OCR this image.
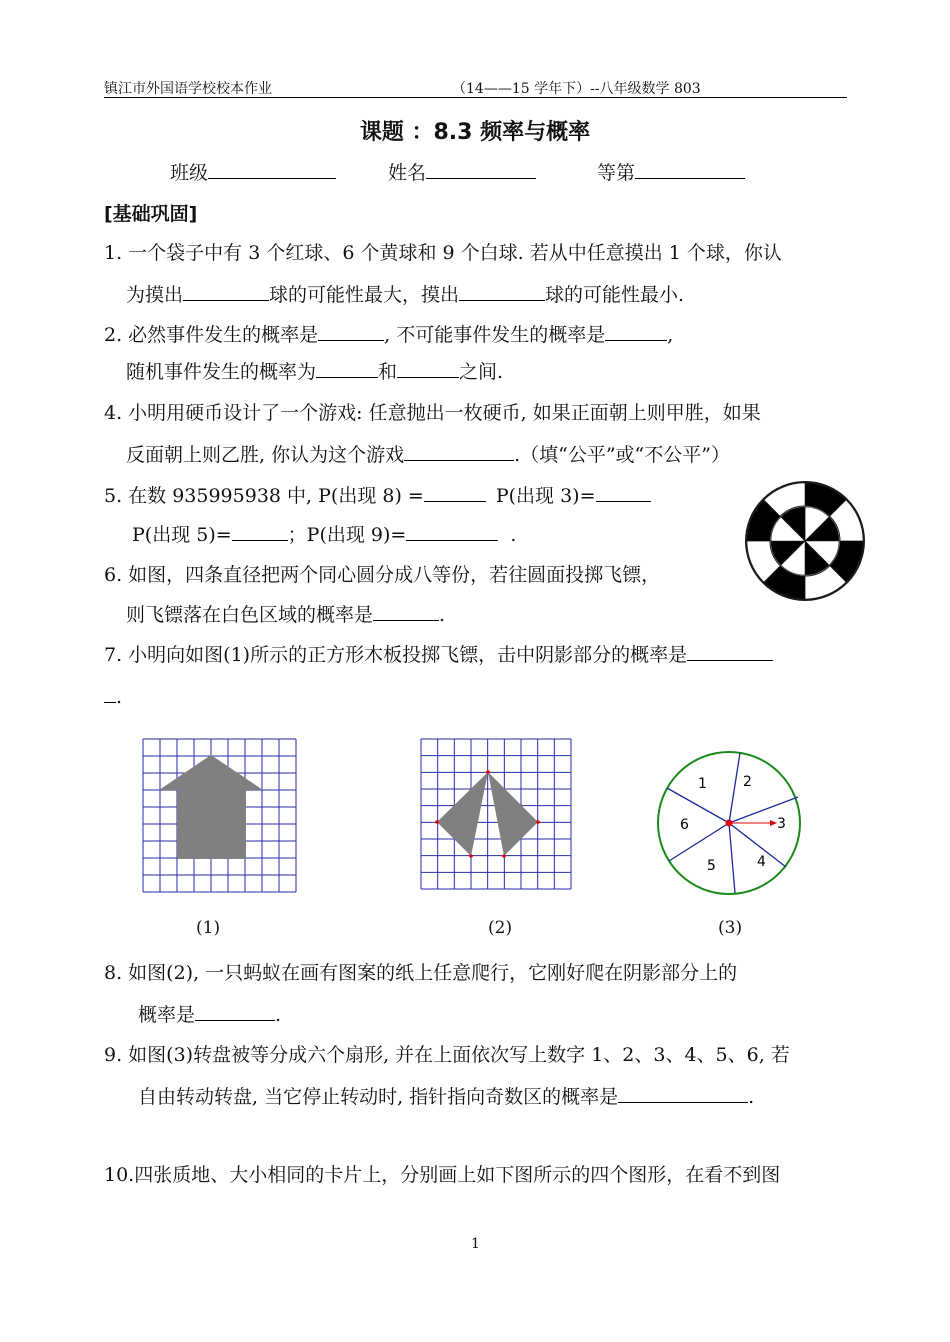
镇江市外国语学校校本作业	（14——15 学年下）--八年级数学 803
课题 ：8.3 频率与概率
班级	姓名	等第
[基础巩固]
1. 一个袋子中有 3 个红球、6 个黄球和 9 个白球. 若从中任意摸出 1 个球，你认
为摸出	球的可能性最大，摸出	球的可能性最小.
2. 必然事件发生的概率是	, 不可能事件发生的概率是	,
随机事件发生的概率为	和	之间.
4. 小明用硬币设计了一个游戏: 任意抛出一枚硬币, 如果正面朝上则甲胜，如果
反面朝上则乙胜, 你认为这个游戏	.（填“公平”或“不公平”）
5. 在数 935995938 中, P(出现 8) =	P(出现 3)=
P(出现 5)=	；P(出现 9)=	.
6. 如图，四条直径把两个同心圆分成八等份，若往圆面投掷飞镖，
则飞镖落在白色区域的概率是	.
7. 小明向如图(1)所示的正方形木板投掷飞镖，击中阴影部分的概率是
.
1	2
3
4
5
6
(1)	(2)	(3)
8. 如图(2), 一只蚂蚁在画有图案的纸上任意爬行，它刚好爬在阴影部分上的
概率是	.
9. 如图(3)转盘被等分成六个扇形, 并在上面依次写上数字 1、2、3、4、5、6, 若
自由转动转盘, 当它停止转动时, 指针指向奇数区的概率是	.
10.四张质地、大小相同的卡片上，分别画上如下图所示的四个图形，在看不到图
1
